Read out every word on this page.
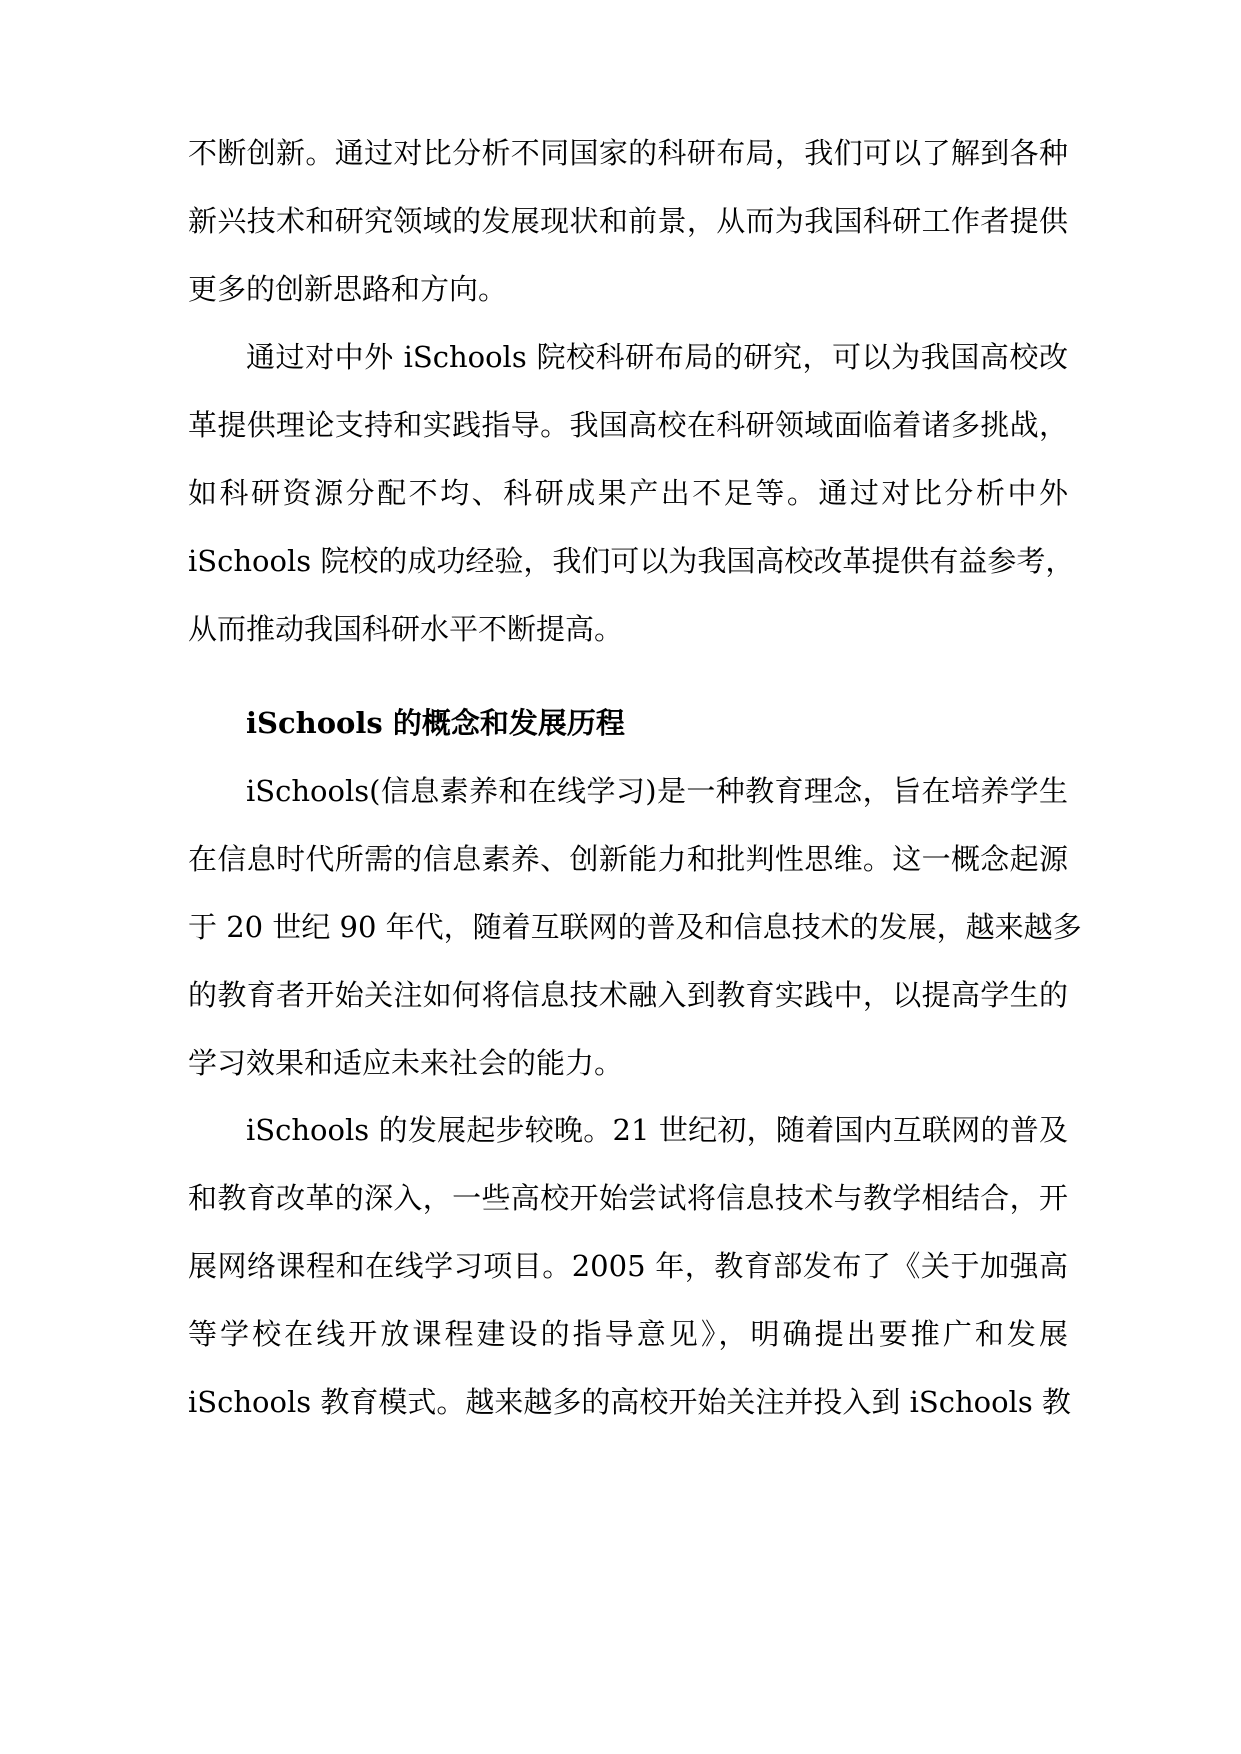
不断创新。通过对比分析不同国家的科研布局，我们可以了解到各种
新兴技术和研究领域的发展现状和前景，从而为我国科研工作者提供
更多的创新思路和方向。
通过对中外 iSchools 院校科研布局的研究，可以为我国高校改
革提供理论支持和实践指导。我国高校在科研领域面临着诸多挑战，
如科研资源分配不均、科研成果产出不足等。通过对比分析中外
iSchools 院校的成功经验，我们可以为我国高校改革提供有益参考，
从而推动我国科研水平不断提高。
iSchools 的概念和发展历程
iSchools(信息素养和在线学习)是一种教育理念，旨在培养学生
在信息时代所需的信息素养、创新能力和批判性思维。这一概念起源
于 20 世纪 90 年代，随着互联网的普及和信息技术的发展，越来越多
的教育者开始关注如何将信息技术融入到教育实践中，以提高学生的
学习效果和适应未来社会的能力。
iSchools 的发展起步较晚。21 世纪初，随着国内互联网的普及
和教育改革的深入，一些高校开始尝试将信息技术与教学相结合，开
展网络课程和在线学习项目。2005 年，教育部发布了《关于加强高
等学校在线开放课程建设的指导意见》，明确提出要推广和发展
iSchools 教育模式。越来越多的高校开始关注并投入到 iSchools 教
